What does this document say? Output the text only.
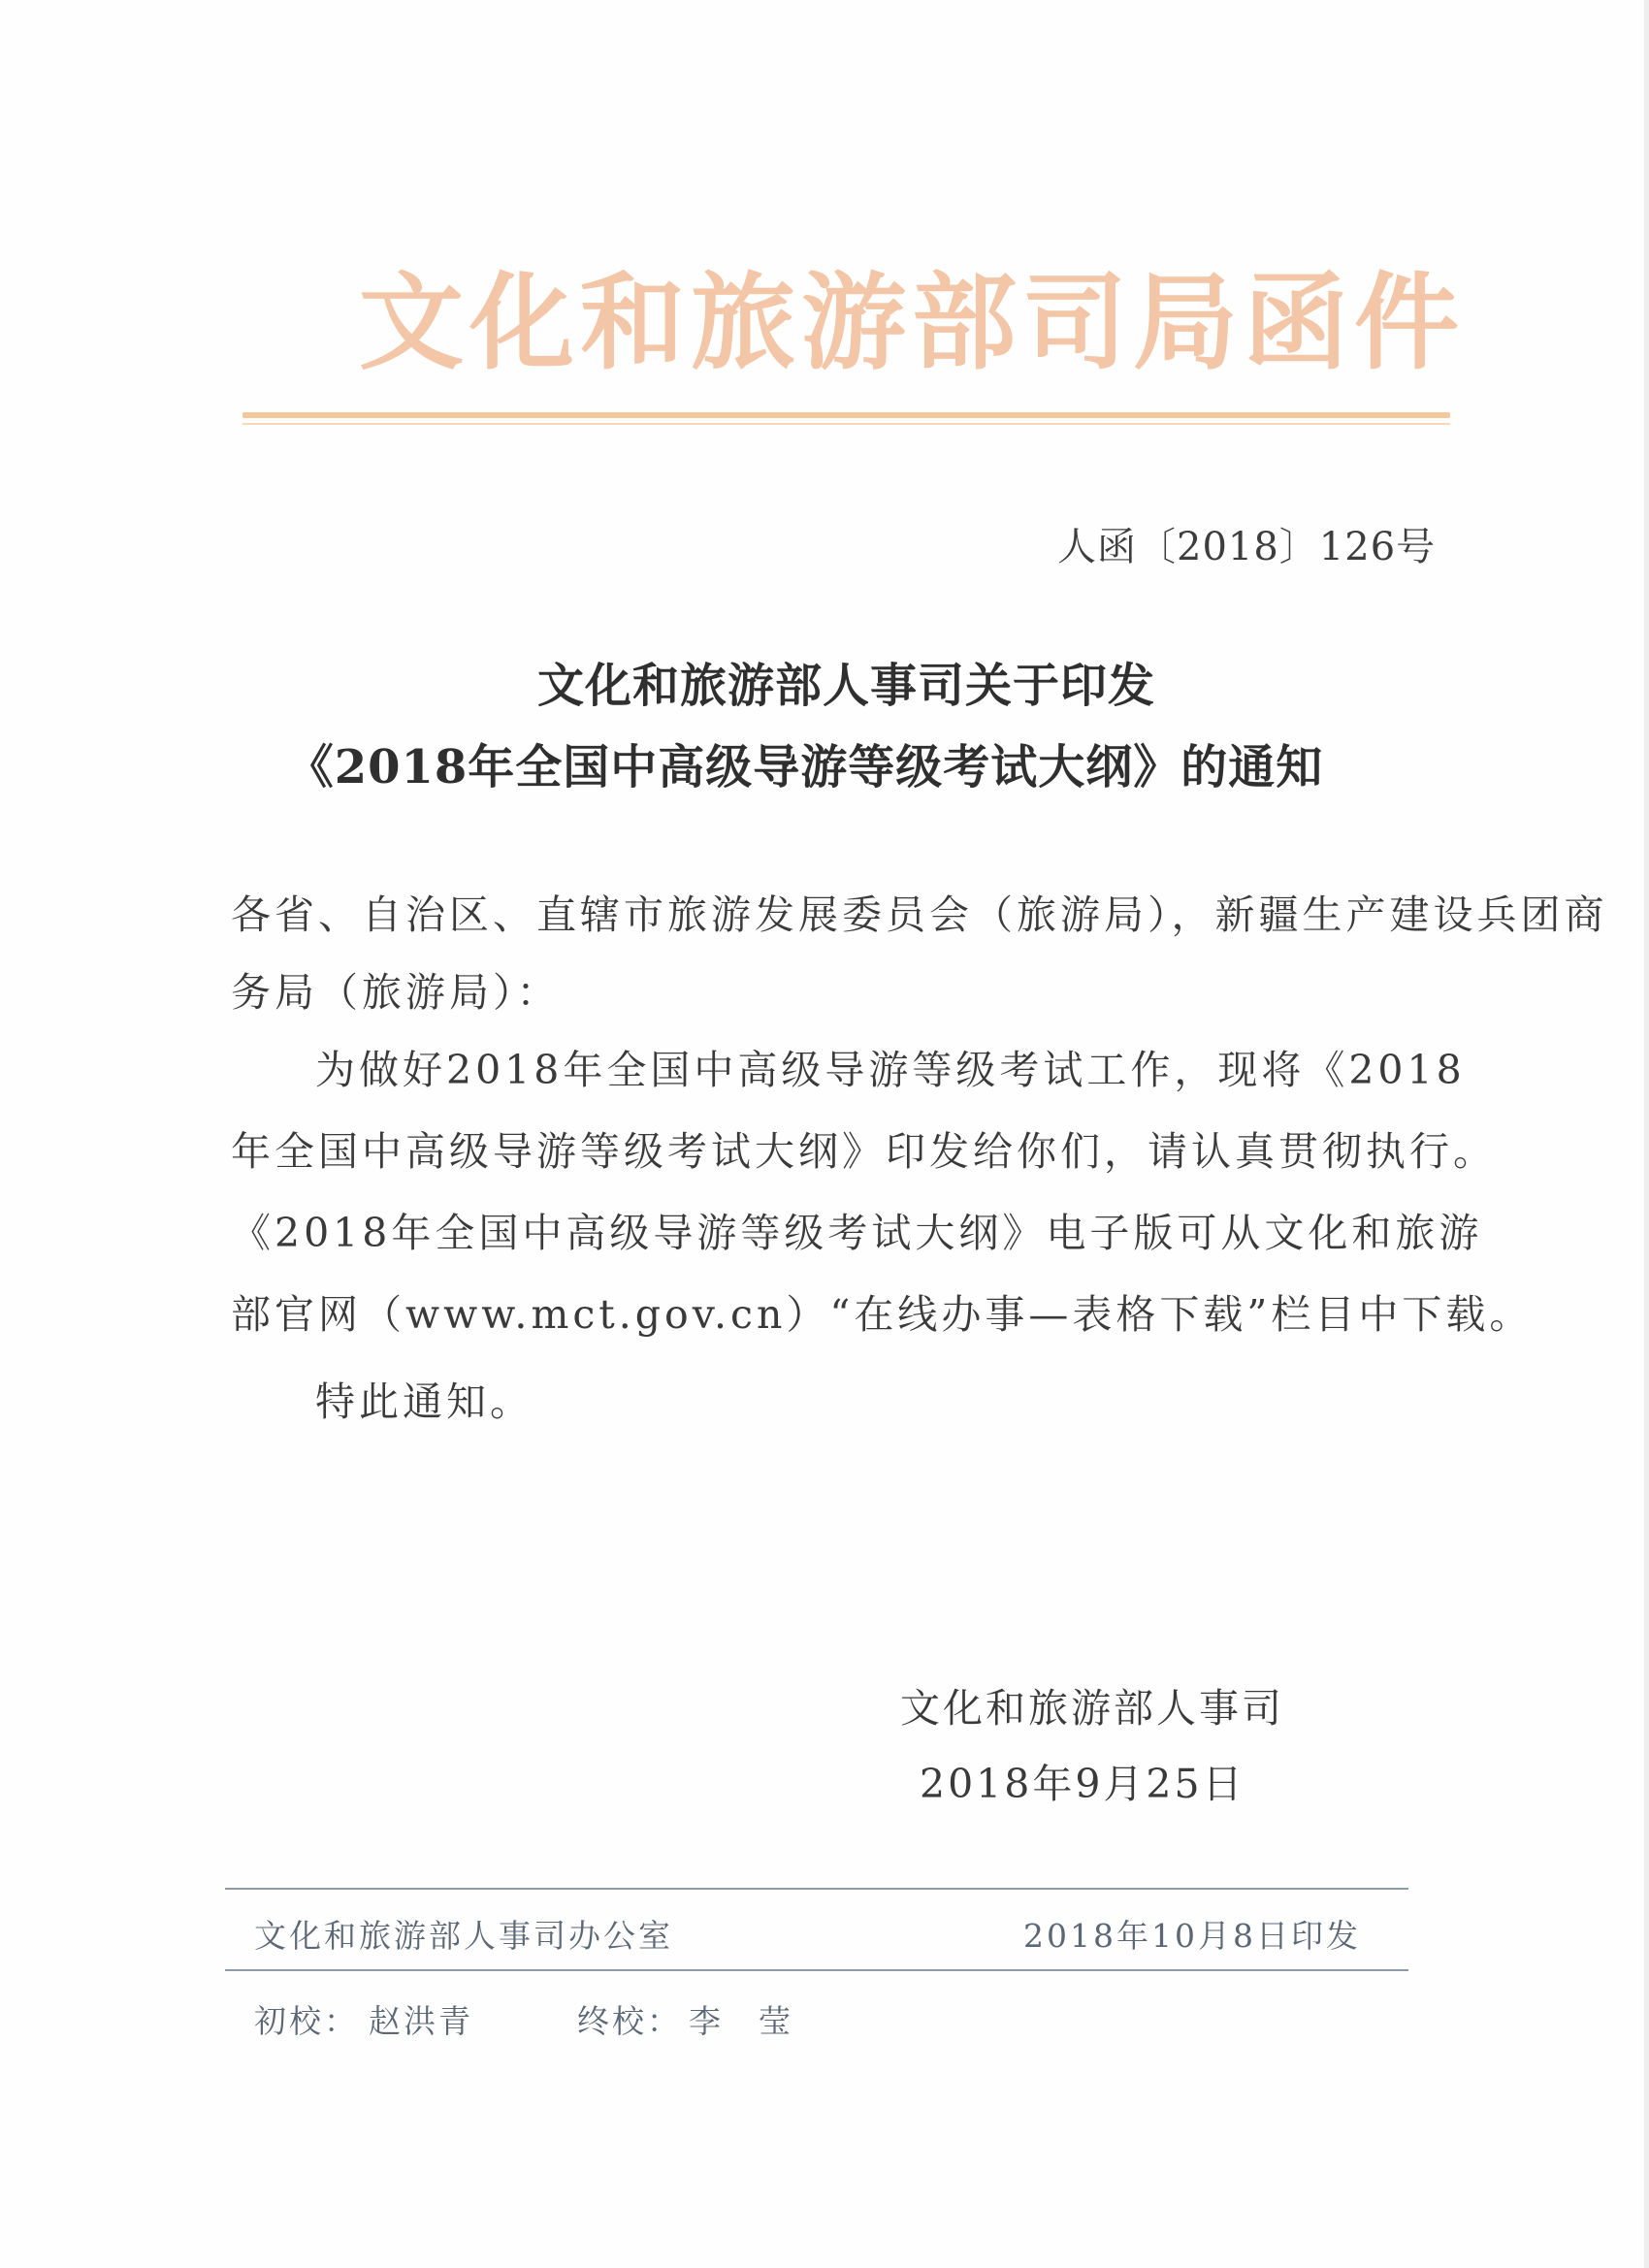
文化和旅游部司局函件
人函〔2018〕126号
文化和旅游部人事司关于印发
《2018年全国中高级导游等级考试大纲》的通知
各省、自治区、直辖市旅游发展委员会（旅游局），新疆生产建设兵团商
务局（旅游局）：
为做好2018年全国中高级导游等级考试工作，现将《2018
年全国中高级导游等级考试大纲》印发给你们，请认真贯彻执行。
《2018年全国中高级导游等级考试大纲》电子版可从文化和旅游
部官网（www.mct.gov.cn）“在线办事—表格下载”栏目中下载。
特此通知。
文化和旅游部人事司
2018年9月25日
文化和旅游部人事司办公室	2018年10月8日印发
初校： 赵洪青	终校： 李　莹
